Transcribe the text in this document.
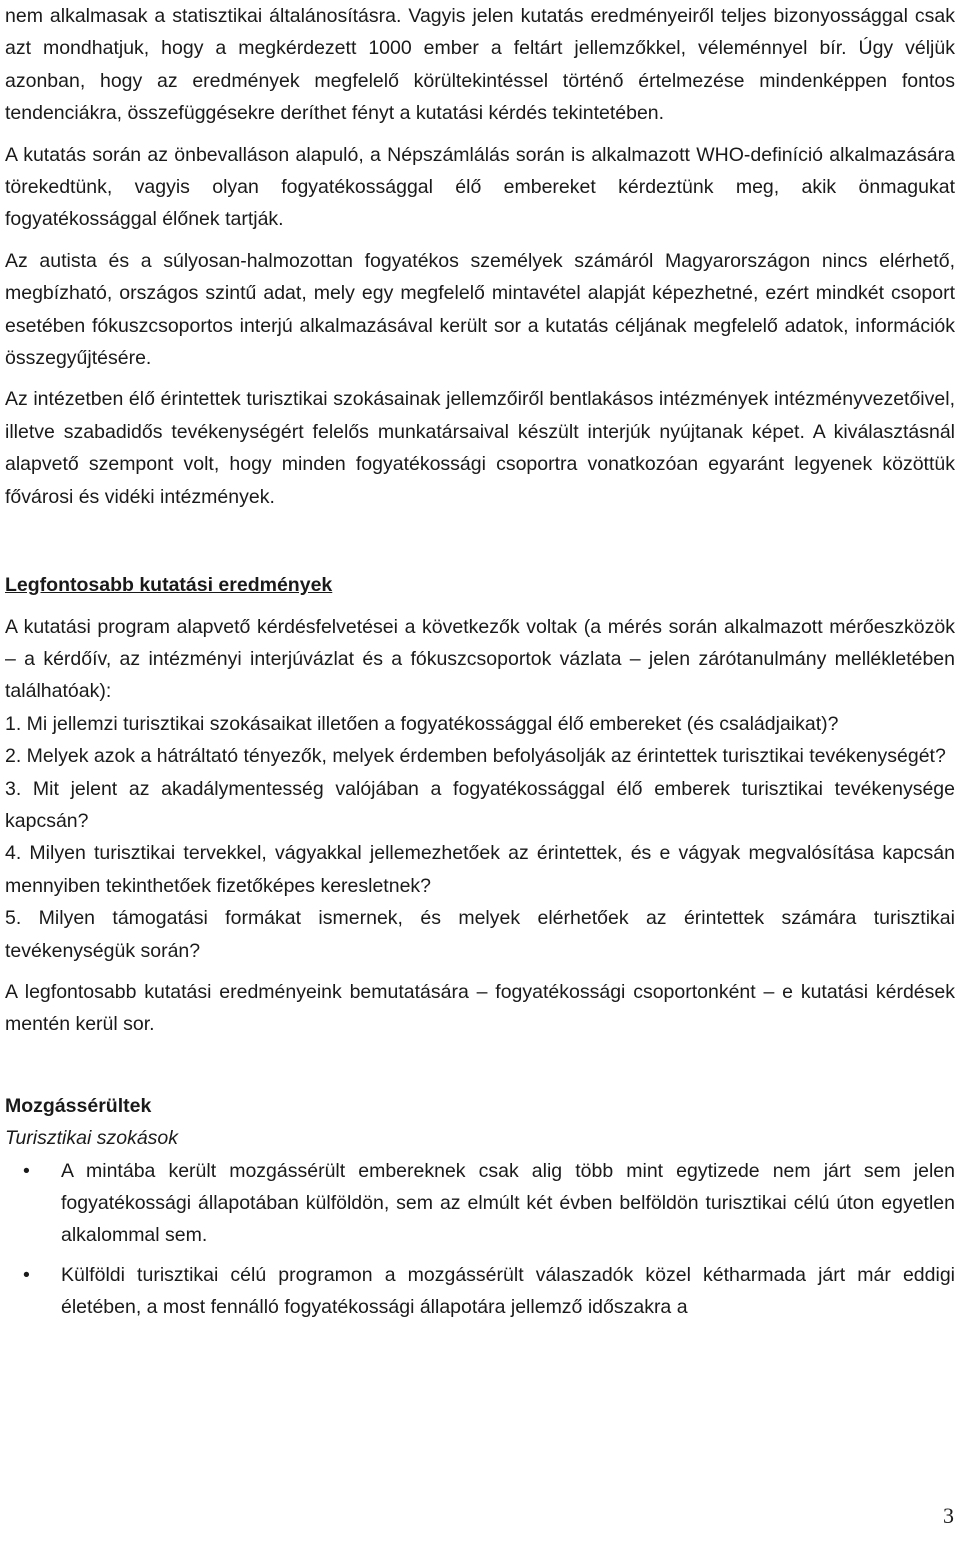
nem alkalmasak a statisztikai általánosításra. Vagyis jelen kutatás eredményeiről teljes bizonyossággal csak azt mondhatjuk, hogy a megkérdezett 1000 ember a feltárt jellemzőkkel, véleménnyel bír. Úgy véljük azonban, hogy az eredmények megfelelő körültekintéssel történő értelmezése mindenképpen fontos tendenciákra, összefüggésekre deríthet fényt a kutatási kérdés tekintetében.

A kutatás során az önbevalláson alapuló, a Népszámlálás során is alkalmazott WHO-definíció alkalmazására törekedtünk, vagyis olyan fogyatékossággal élő embereket kérdeztünk meg, akik önmagukat fogyatékossággal élőnek tartják.

Az autista és a súlyosan-halmozottan fogyatékos személyek számáról Magyarországon nincs elérhető, megbízható, országos szintű adat, mely egy megfelelő mintavétel alapját képezhetné, ezért mindkét csoport esetében fókuszcsoportos interjú alkalmazásával került sor a kutatás céljának megfelelő adatok, információk összegyűjtésére.

Az intézetben élő érintettek turisztikai szokásainak jellemzőiről bentlakásos intézmények intézményvezetőivel, illetve szabadidős tevékenységért felelős munkatársaival készült interjúk nyújtanak képet. A kiválasztásnál alapvető szempont volt, hogy minden fogyatékossági csoportra vonatkozóan egyaránt legyenek közöttük fővárosi és vidéki intézmények.

Legfontosabb kutatási eredmények

A kutatási program alapvető kérdésfelvetései a következők voltak (a mérés során alkalmazott mérőeszközök – a kérdőív, az intézményi interjúvázlat és a fókuszcsoportok vázlata – jelen zárótanulmány mellékletében találhatóak):

1. Mi jellemzi turisztikai szokásaikat illetően a fogyatékossággal élő embereket (és családjaikat)?

2. Melyek azok a hátráltató tényezők, melyek érdemben befolyásolják az érintettek turisztikai tevékenységét?

3. Mit jelent az akadálymentesség valójában a fogyatékossággal élő emberek turisztikai tevékenysége kapcsán?

4. Milyen turisztikai tervekkel, vágyakkal jellemezhetőek az érintettek, és e vágyak megvalósítása kapcsán mennyiben tekinthetőek fizetőképes keresletnek?

5. Milyen támogatási formákat ismernek, és melyek elérhetőek az érintettek számára turisztikai tevékenységük során?

A legfontosabb kutatási eredményeink bemutatására – fogyatékossági csoportonként – e kutatási kérdések mentén kerül sor.

Mozgássérültek
Turisztikai szokások
• A mintába került mozgássérült embereknek csak alig több mint egytizede nem járt sem jelen fogyatékossági állapotában külföldön, sem az elmúlt két évben belföldön turisztikai célú úton egyetlen alkalommal sem.
• Külföldi turisztikai célú programon a mozgássérült válaszadók közel kétharmada járt már eddigi életében, a most fennálló fogyatékossági állapotára jellemző időszakra a
3
